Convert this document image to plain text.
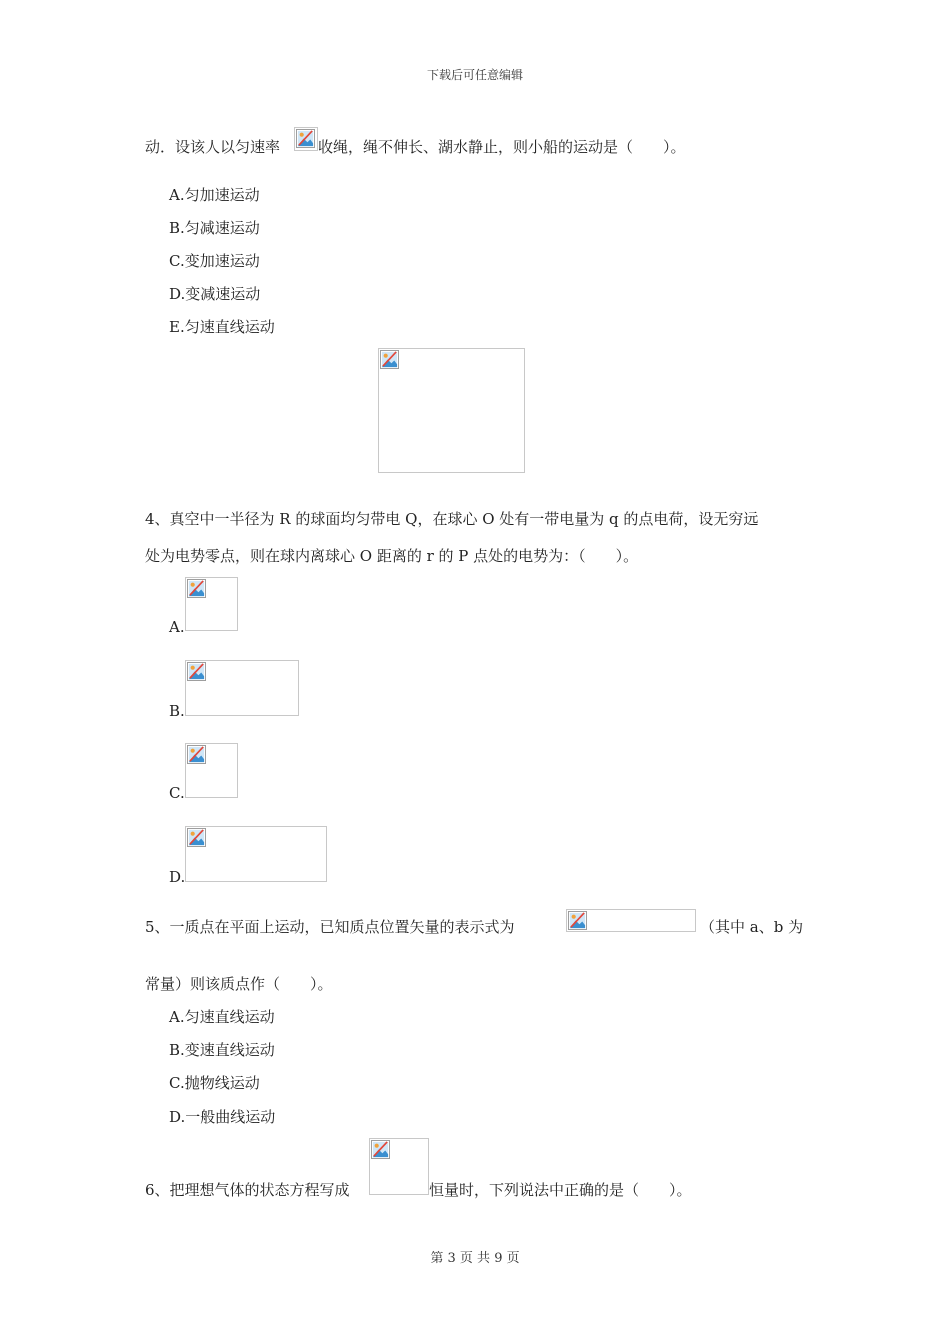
下载后可任意编辑
动．设该人以匀速率	收绳，绳不伸长、湖水静止，则小船的运动是（　　）。
A.匀加速运动
B.匀减速运动
C.变加速运动
D.变减速运动
E.匀速直线运动
4、真空中一半径为 R 的球面均匀带电 Q，在球心 O 处有一带电量为 q 的点电荷，设无穷远
处为电势零点，则在球内离球心 O 距离的 r 的 P 点处的电势为：（　　）。
A.
B.
C.
D.
5、一质点在平面上运动，已知质点位置矢量的表示式为	（其中 a、b 为
常量）则该质点作（　　）。
A.匀速直线运动
B.变速直线运动
C.抛物线运动
D.一般曲线运动
6、把理想气体的状态方程写成	恒量时，下列说法中正确的是（　　）。
第 3 页 共 9 页
